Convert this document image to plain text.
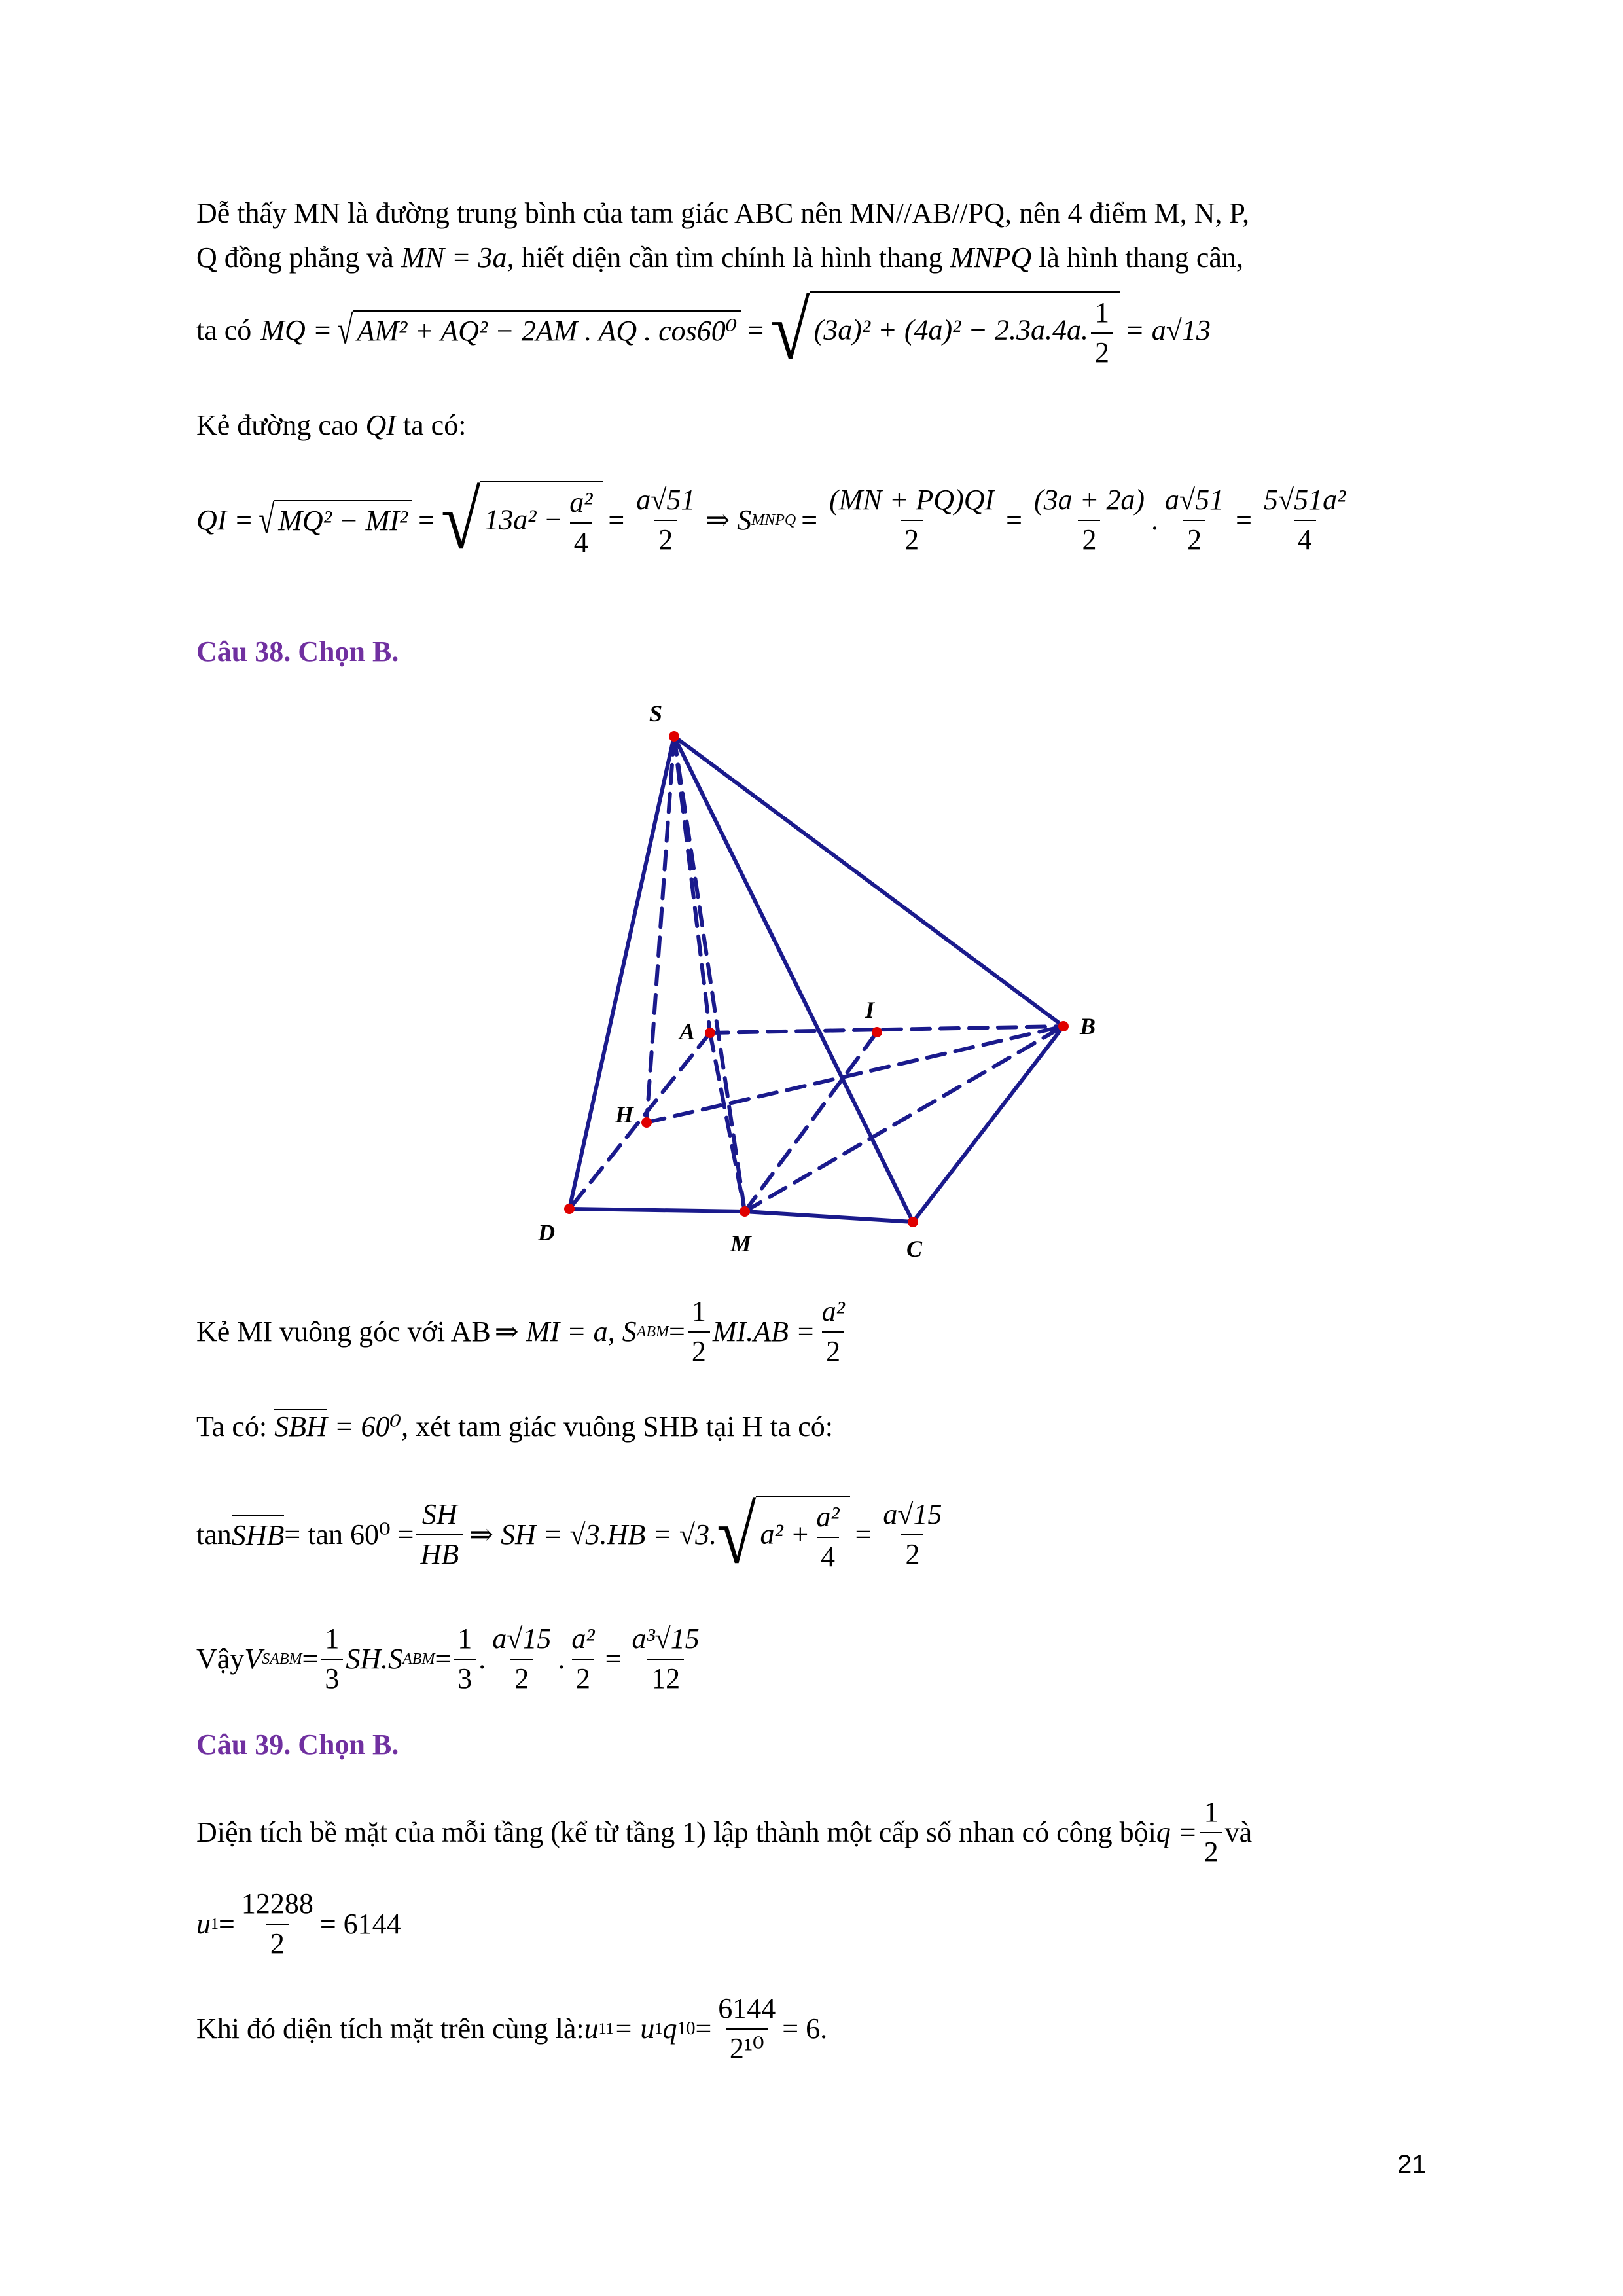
Dễ thấy MN là đường trung bình của tam giác ABC nên MN//AB//PQ, nên 4 điểm M, N, P,
Q đồng phẳng và MN = 3a, hiết diện cần tìm chính là hình thang MNPQ là hình thang cân,
ta có MQ = √ AM² + AQ² − 2AM . AQ . cos60⁰ = √ (3a)² + (4a)² − 2.3a.4a. $\frac{1}{2} = a√13$
Kẻ đường cao QI ta có:
QI = √ MQ² − MI² = √ $13a^2 - \frac{\text{a²}}{4} = \frac{a√51}{2}$ ⇒ S MNPQ = $\frac{(MN + PQ)QI}{2} = \frac{(3a + 2a)}{2}$ . $\frac{a√51}{2} = \frac{\text{5√51a²}}{4}$
Câu 38. Chọn B.
S
A
I
B
H
D	M	C
Kẻ MI vuông góc với AB ⇒ MI = a, S ABM = $\frac{1}{2} MI.AB = \frac{\text{a²}}{2}$
Ta có: SBH = 60⁰, xét tam giác vuông SHB tại H ta có:
tan SHB = $\tan 60^0 = \frac{SH}{HB}$ ⇒ SH = √3.HB = √3. √ $a^2 + \frac{\text{a²}}{4} = \frac{a√15}{2}$
Vậy V SABM = $\frac{1}{3} SH.S$ ABM = $\frac{1}{3}$ . $\frac{a√15}{2}$ . $\frac{\text{a²}}{2} = \frac{\text{a³√15}}{12}$
Câu 39. Chọn B.
Diện tích bề mặt của mỗi tầng (kể từ tầng 1) lập thành một cấp số nhan có công bội $q = \frac{1}{2}$ và
u $1 = \frac{12288}{2} = 6144$
Khi đó diện tích mặt trên cùng là: u 11 = u 1 q $10 = \frac{6144}{\text{2¹⁰}} = 6$.
21
